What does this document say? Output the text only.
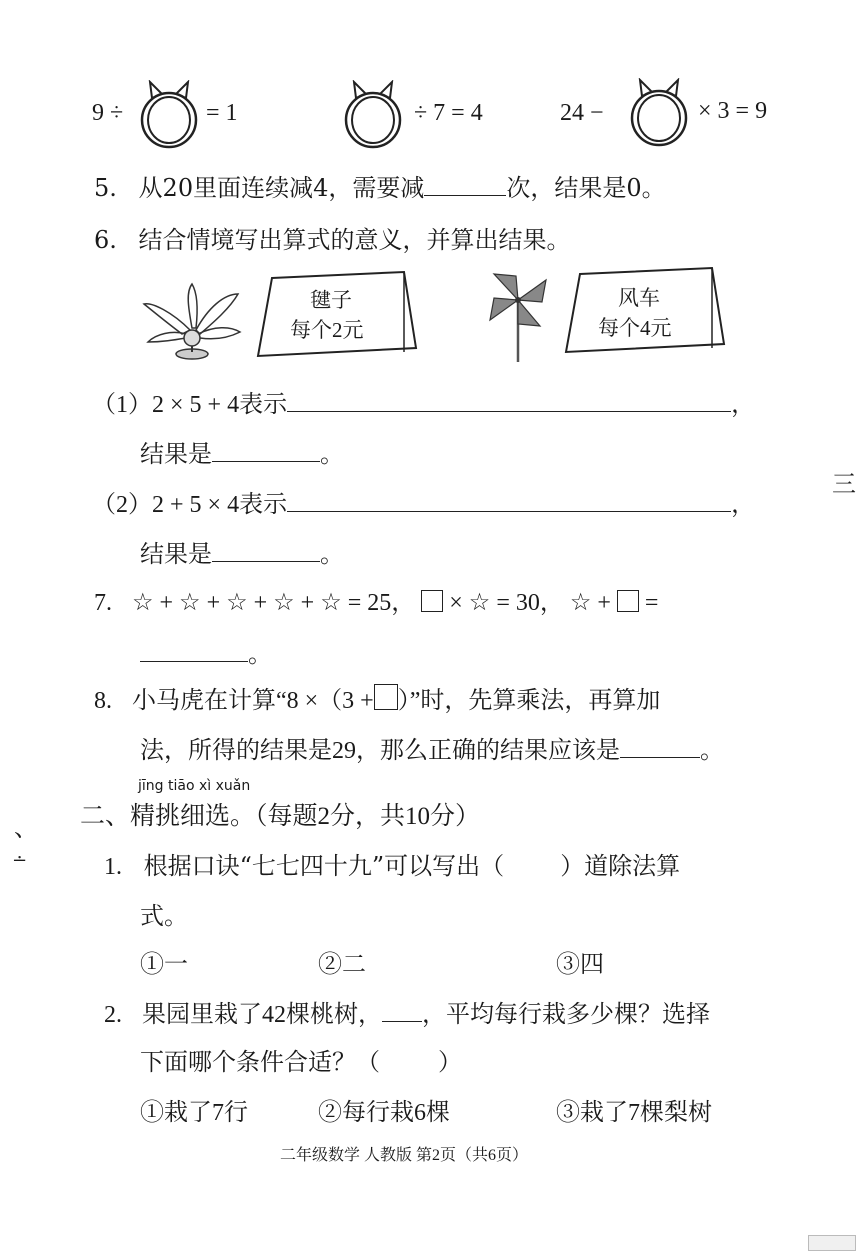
9 ÷	= 1	÷ 7 = 4	24 −	× 3 = 9
5. 从20里面连续减4，需要减	次，结果是0。
6. 结合情境写出算式的意义，并算出结果。
毽子
每个2元
风车
每个4元
（1）2 × 5 + 4表示	，
结果是	。
（2）2 + 5 × 4表示	，
结果是	。
7. ☆ + ☆ + ☆ + ☆ + ☆ = 25， × ☆ = 30， ☆ + =
。
8. 小马虎在计算“8 ×（3 + ）”时，先算乘法，再算加
法，所得的结果是29，那么正确的结果应该是	。
jīng tiāo xì xuǎn
二、精挑细选。（每题2分，共10分）
1. 根据口诀“七七四十九”可以写出（ ）道除法算
式。
①一	②二	③四
2. 果园里栽了42棵桃树， ，平均每行栽多少棵？选择
下面哪个条件合适？（ ）
①栽了7行	②每行栽6棵	③栽了7棵梨树
二年级数学 人教版 第2页（共6页）
三
、
∸
